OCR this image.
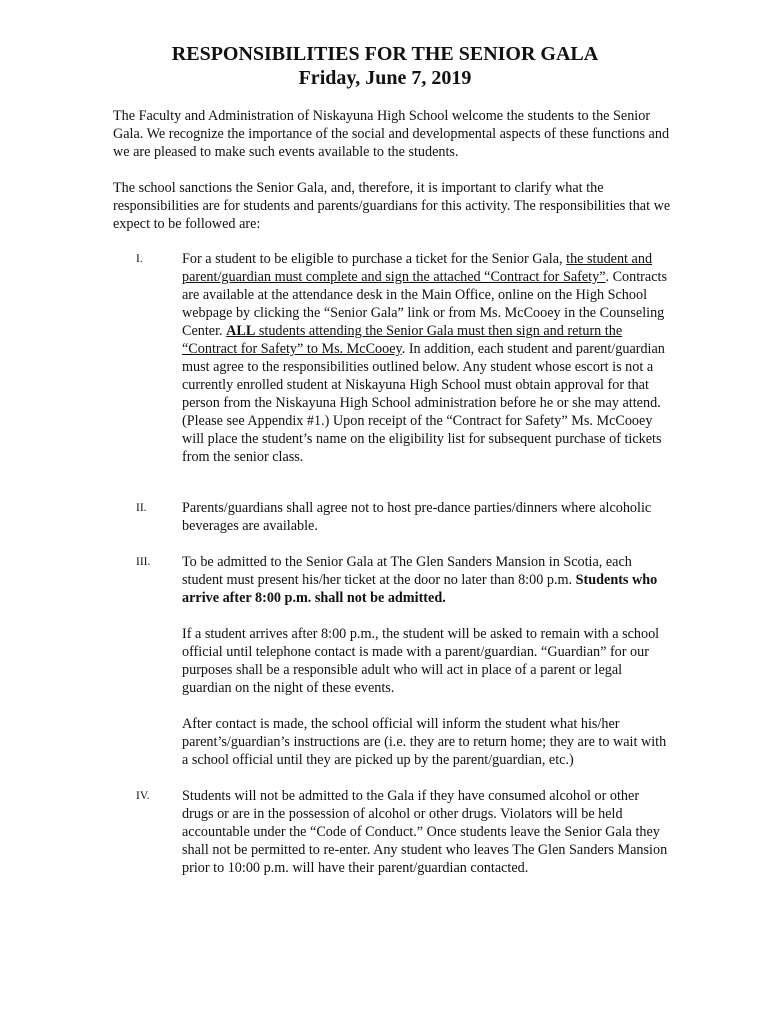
RESPONSIBILITIES FOR THE SENIOR GALA
Friday, June 7, 2019

The Faculty and Administration of Niskayuna High School welcome the students to the Senior Gala. We recognize the importance of the social and developmental aspects of these functions and we are pleased to make such events available to the students.

The school sanctions the Senior Gala, and, therefore, it is important to clarify what the responsibilities are for students and parents/guardians for this activity. The responsibilities that we expect to be followed are:

I.	For a student to be eligible to purchase a ticket for the Senior Gala, the student and parent/guardian must complete and sign the attached “Contract for Safety”. Contracts are available at the attendance desk in the Main Office, online on the High School webpage by clicking the “Senior Gala” link or from Ms. McCooey in the Counseling Center. ALL students attending the Senior Gala must then sign and return the “Contract for Safety” to Ms. McCooey. In addition, each student and parent/guardian must agree to the responsibilities outlined below. Any student whose escort is not a currently enrolled student at Niskayuna High School must obtain approval for that person from the Niskayuna High School administration before he or she may attend. (Please see Appendix #1.) Upon receipt of the “Contract for Safety” Ms. McCooey will place the student’s name on the eligibility list for subsequent purchase of tickets from the senior class.

II. Parents/guardians shall agree not to host pre-dance parties/dinners where alcoholic beverages are available.

III. To be admitted to the Senior Gala at The Glen Sanders Mansion in Scotia, each student must present his/her ticket at the door no later than 8:00 p.m. Students who arrive after 8:00 p.m. shall not be admitted.

If a student arrives after 8:00 p.m., the student will be asked to remain with a school official until telephone contact is made with a parent/guardian. “Guardian” for our purposes shall be a responsible adult who will act in place of a parent or legal guardian on the night of these events.

After contact is made, the school official will inform the student what his/her parent’s/guardian’s instructions are (i.e. they are to return home; they are to wait with a school official until they are picked up by the parent/guardian, etc.)

IV. Students will not be admitted to the Gala if they have consumed alcohol or other drugs or are in the possession of alcohol or other drugs. Violators will be held accountable under the “Code of Conduct.” Once students leave the Senior Gala they shall not be permitted to re-enter. Any student who leaves The Glen Sanders Mansion prior to 10:00 p.m. will have their parent/guardian contacted.
